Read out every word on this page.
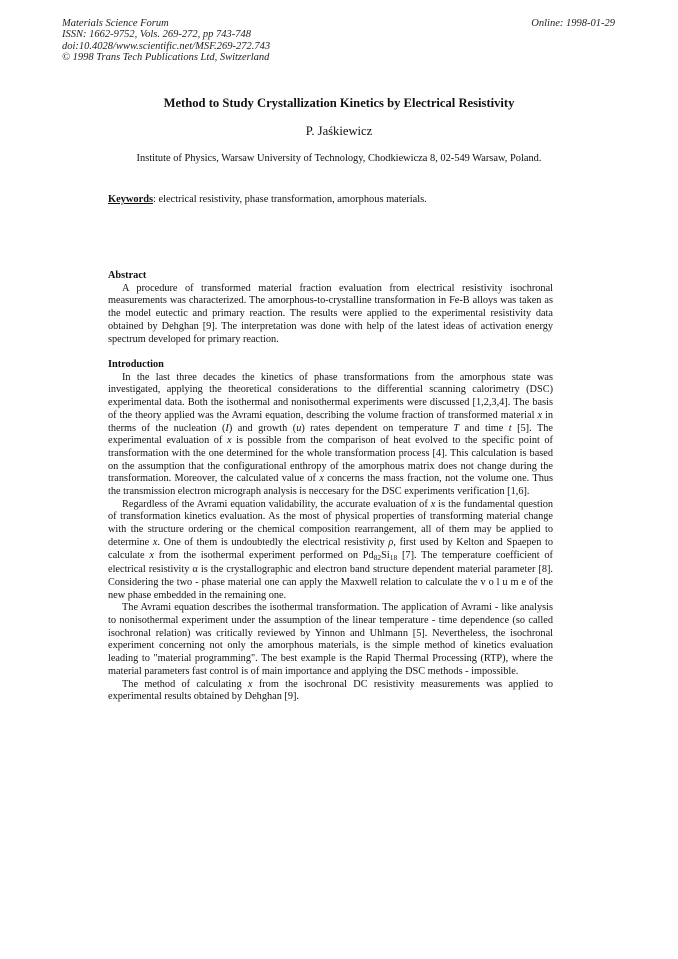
Materials Science Forum
ISSN: 1662-9752, Vols. 269-272, pp 743-748
doi:10.4028/www.scientific.net/MSF.269-272.743
© 1998 Trans Tech Publications Ltd, Switzerland
Online: 1998-01-29
Method to Study Crystallization Kinetics by Electrical Resistivity
P. Jaśkiewicz
Institute of Physics, Warsaw University of Technology, Chodkiewicza 8, 02-549 Warsaw, Poland.
Keywords: electrical resistivity, phase transformation, amorphous materials.
Abstract

A procedure of transformed material fraction evaluation from electrical resistivity isochronal measurements was characterized. The amorphous-to-crystalline transformation in Fe-B alloys was taken as the model eutectic and primary reaction. The results were applied to the experimental resistivity data obtained by Dehghan [9]. The interpretation was done with help of the latest ideas of activation energy spectrum developed for primary reaction.

Introduction

In the last three decades the kinetics of phase transformations from the amorphous state was investigated, applying the theoretical considerations to the differential scanning calorimetry (DSC) experimental data. Both the isothermal and nonisothermal experiments were discussed [1,2,3,4]. The basis of the theory applied was the Avrami equation, describing the volume fraction of transformed material x in therms of the nucleation (I) and growth (u) rates dependent on temperature T and time t [5]. The experimental evaluation of x is possible from the comparison of heat evolved to the specific point of transformation with the one determined for the whole transformation process [4]. This calculation is based on the assumption that the configurational enthropy of the amorphous matrix does not change during the transformation. Moreover, the calculated value of x concerns the mass fraction, not the volume one. Thus the transmission electron micrograph analysis is neccesary for the DSC experiments verification [1,6].

Regardless of the Avrami equation validability, the accurate evaluation of x is the fundamental question of transformation kinetics evaluation. As the most of physical properties of transforming material change with the structure ordering or the chemical composition rearrangement, all of them may be applied to determine x. One of them is undoubtedly the electrical resistivity ρ, first used by Kelton and Spaepen to calculate x from the isothermal experiment performed on $Pd_{82}Si_{18}$ [7]. The temperature coefficient of electrical resistivity α is the crystallographic and electron band structure dependent material parameter [8]. Considering the two - phase material one can apply the Maxwell relation to calculate the v o l u m e of the new phase embedded in the remaining one.

The Avrami equation describes the isothermal transformation. The application of Avrami - like analysis to nonisothermal experiment under the assumption of the linear temperature - time dependence (so called isochronal relation) was critically reviewed by Yinnon and Uhlmann [5]. Nevertheless, the isochronal experiment concerning not only the amorphous materials, is the simple method of kinetics evaluation leading to "material programming". The best example is the Rapid Thermal Processing (RTP), where the material parameters fast control is of main importance and applying the DSC methods - impossible.

The method of calculating x from the isochronal DC resistivity measurements was applied to experimental results obtained by Dehghan [9].
